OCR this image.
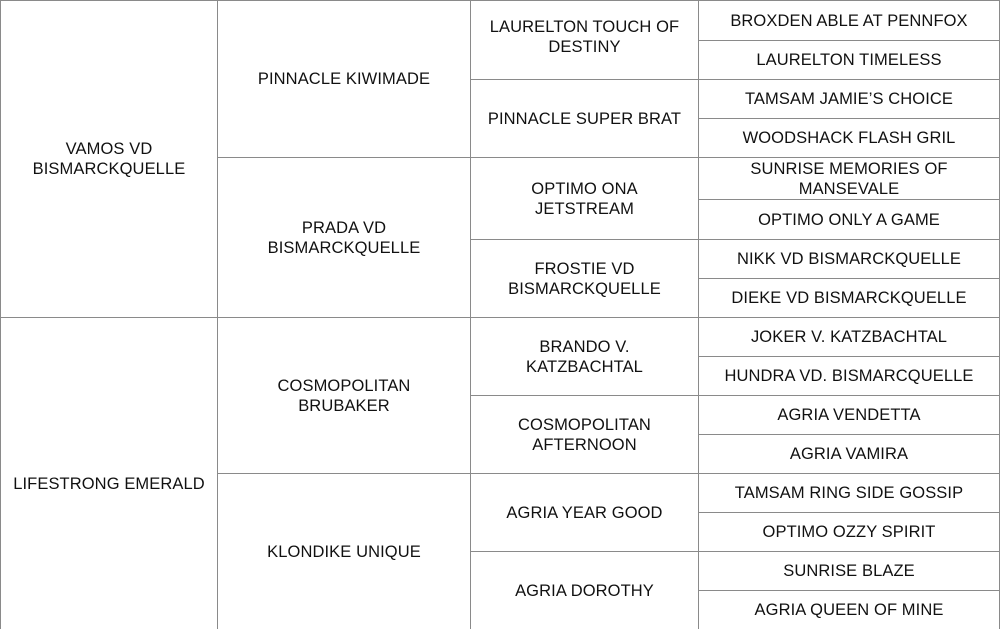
VAMOS VD BISMARCKQUELLE
LIFESTRONG EMERALD
PINNACLE KIWIMADE
PRADA VD BISMARCKQUELLE
COSMOPOLITAN BRUBAKER
KLONDIKE UNIQUE
LAURELTON TOUCH OF DESTINY
PINNACLE SUPER BRAT
OPTIMO ONA JETSTREAM
FROSTIE VD BISMARCKQUELLE
BRANDO V. KATZBACHTAL
COSMOPOLITAN AFTERNOON
AGRIA YEAR GOOD
AGRIA DOROTHY
BROXDEN ABLE AT PENNFOX
LAURELTON TIMELESS
TAMSAM JAMIE’S CHOICE
WOODSHACK FLASH GRIL
SUNRISE MEMORIES OF MANSEVALE
OPTIMO ONLY A GAME
NIKK VD BISMARCKQUELLE
DIEKE VD BISMARCKQUELLE
JOKER V. KATZBACHTAL
HUNDRA VD. BISMARCQUELLE
AGRIA VENDETTA
AGRIA VAMIRA
TAMSAM RING SIDE GOSSIP
OPTIMO OZZY SPIRIT
SUNRISE BLAZE
AGRIA QUEEN OF MINE
